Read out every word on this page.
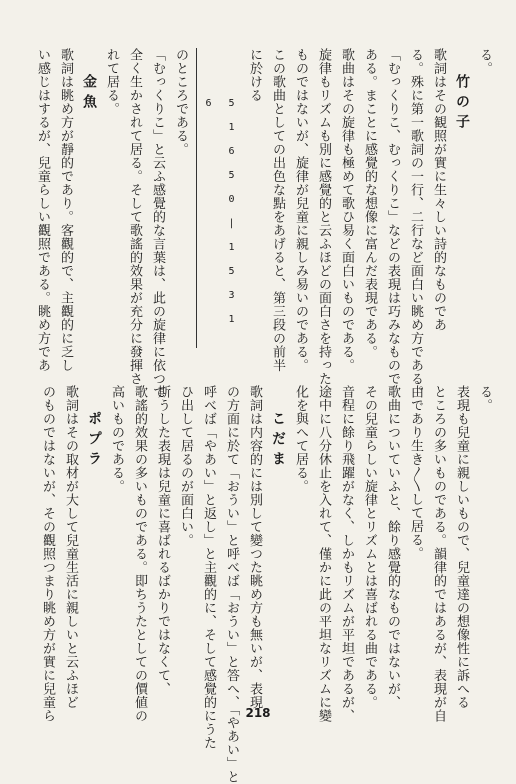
る。
竹の子
歌詞はその観照が實に生々しい詩的なものであ
る。殊に第一歌詞の一行、二行など面白い眺め方である。
「むっくりこ、むっくりこ」などの表現は巧みなもので
ある。まことに感覺的な想像に富んだ表現である。
歌曲はその旋律も極めて歌ひ易く面白いものである。
旋律もリズムも別に感覺的と云ふほどの面白さを持った
ものではないが、旋律が兒童に親しみ易いのである。
この歌曲としての出色な點をあげると、第三段の前半
に於ける
5 1 6 5 0 | 1 5 3 1 6
のところである。
「むっくりこ」と云ふ感覺的な言葉は、此の旋律に依つて
全く生かされて居る。そして歌謠的效果が充分に發揮さ
れて居る。
金魚
歌詞は眺め方が靜的であり。客觀的で、主觀的に乏し
い感じはするが、兒童らしい觀照である。眺め方であ
る。
表現も兒童に親しいもので、兒童達の想像性に訴へる
ところの多いものである。韻律的ではあるが、表現が自
由であり生き〳〵して居る。
歌曲についていふと、餘り感覺的なものではないが、
その兒童らしい旋律とリズムとは喜ばれる曲である。
音程に餘り飛躍がなく、しかもリズムが平坦であるが、
途中に八分休止を入れて、僅かに此の平坦なリズムに變
化を與へて居る。
こだま
歌詞は内容的には別して變つた眺め方も無いが、表現
の方面に於て「おうい」と呼べば「おうい」と答へ、「やあい」と
呼べば「やあい」と返し」と主觀的に、そして感覺的にうた
ひ出して居るのが面白い。
斯うした表現は兒童に喜ばれるばかりではなくて、
歌謠的效果の多いものである。即ちうたとしての價値の
高いものである。
ポプラ
歌詞はその取材が大して兒童生活に親しいと云ふほど
のものではないが、その觀照つまり眺め方が實に兒童ら	218
